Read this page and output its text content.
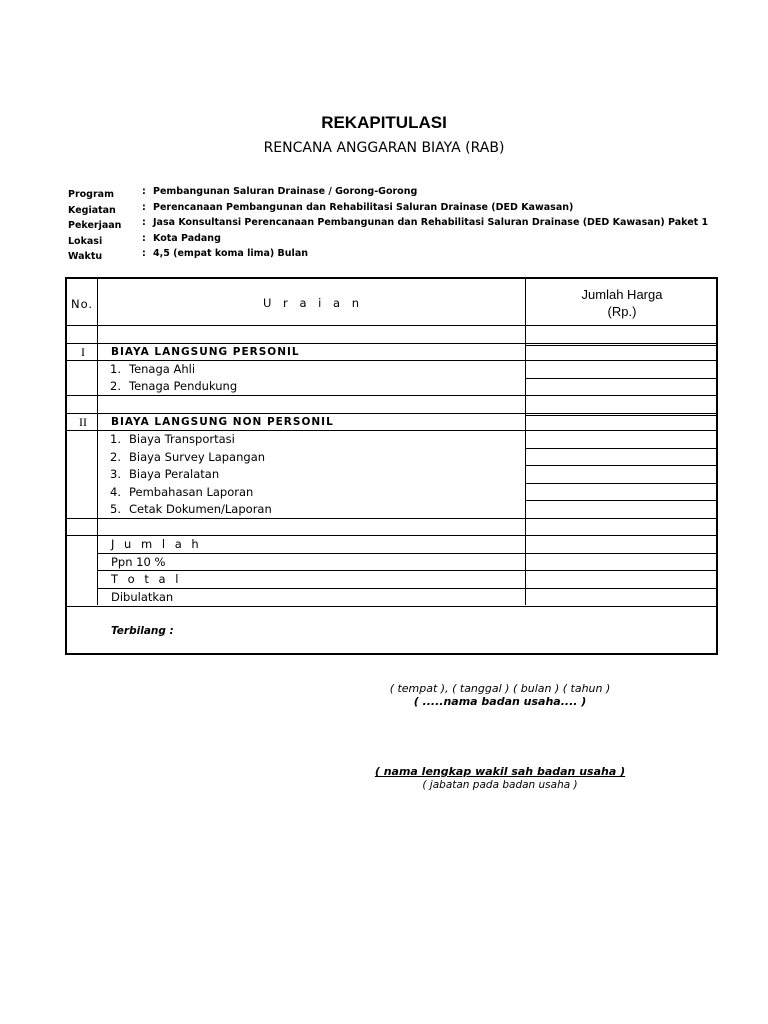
REKAPITULASI
RENCANA ANGGARAN BIAYA (RAB)
Program	: Pembangunan Saluran Drainase / Gorong-Gorong
Kegiatan	: Perencanaan Pembangunan dan Rehabilitasi Saluran Drainase (DED Kawasan)
Pekerjaan	: Jasa Konsultansi Perencanaan Pembangunan dan Rehabilitasi Saluran Drainase (DED Kawasan) Paket 1
Lokasi	: Kota Padang
Waktu	: 4,5 (empat koma lima) Bulan
No.	U r a i a n
Jumlah Harga
(Rp.)
I	BIAYA LANGSUNG PERSONIL
1. Tenaga Ahli
2. Tenaga Pendukung
II	BIAYA LANGSUNG NON PERSONIL
1. Biaya Transportasi
2. Biaya Survey Lapangan
3. Biaya Peralatan
4. Pembahasan Laporan
5. Cetak Dokumen/Laporan
J u m l a h
Ppn 10 %
T o t a l
Dibulatkan
Terbilang :
( tempat ), ( tanggal ) ( bulan ) ( tahun )
( .....nama badan usaha.... )
( nama lengkap wakil sah badan usaha )
( jabatan pada badan usaha )
